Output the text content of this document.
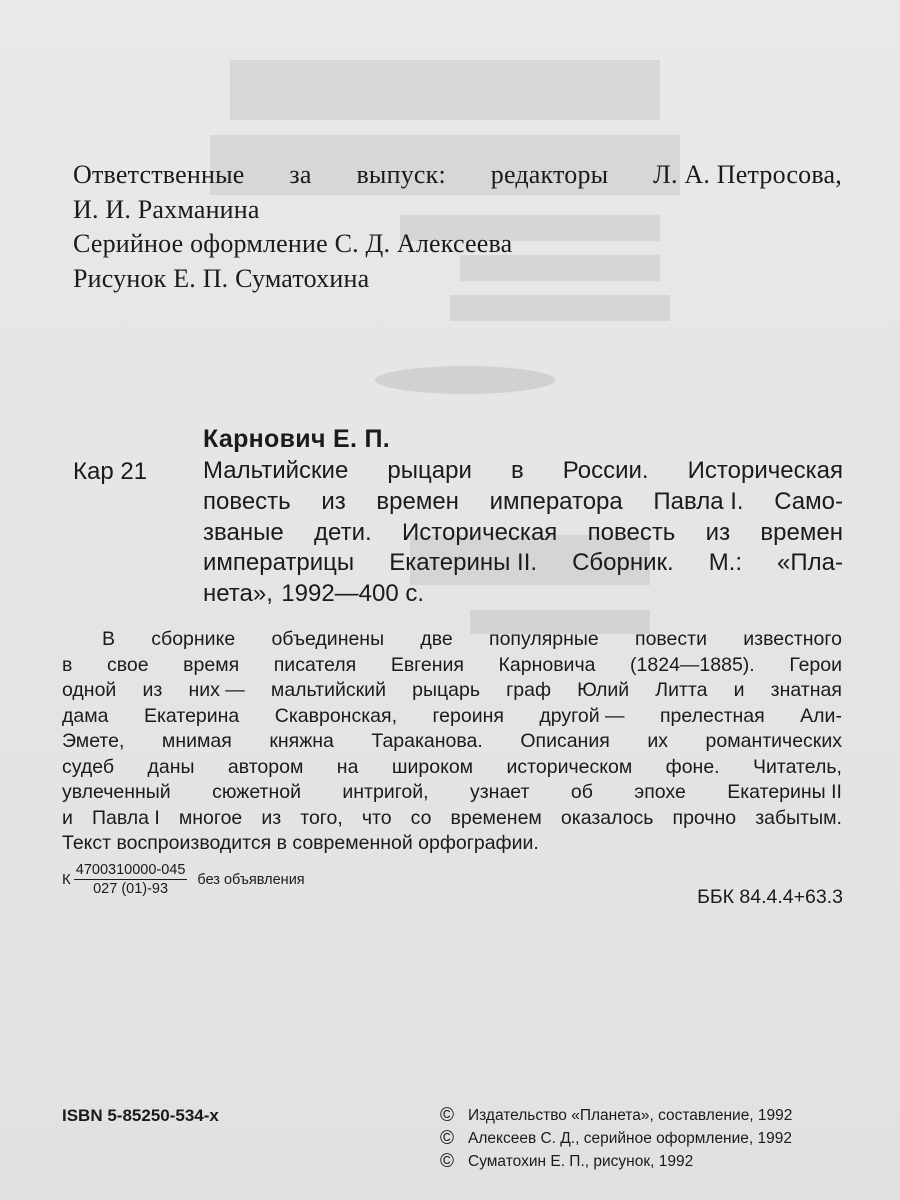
Ответственные за выпуск: редакторы Л. А. Петросова,
И. И. Рахманина
Серийное оформление С. Д. Алексеева
Рисунок Е. П. Суматохина
Карнович Е. П.
Кар 21 Мальтийские рыцари в России. Историческая
повесть из времен императора Павла I. Само-
званые дети. Историческая повесть из времен
императрицы Екатерины II. Сборник. М.: «Пла-
нета», 1992—400 с.
В сборнике объединены две популярные повести известного
в свое время писателя Евгения Карновича (1824—1885). Герои
одной из них — мальтийский рыцарь граф Юлий Литта и знатная
дама Екатерина Скавронская, героиня другой — прелестная Али-
Эмете, мнимая княжна Тараканова. Описания их романтических
судеб даны автором на широком историческом фоне. Читатель,
увлеченный сюжетной интригой, узнает об эпохе Екатерины II
и Павла I многое из того, что со временем оказалось прочно забытым.
Текст воспроизводится в современной орфографии.
К $\frac{4700310000-045}{027 (01)-93}$ без объявления
ББК 84.4.4+63.3
ISBN 5-85250-534-х	© Издательство «Планета», составление, 1992
© Алексеев С. Д., серийное оформление, 1992
© Суматохин Е. П., рисунок, 1992
